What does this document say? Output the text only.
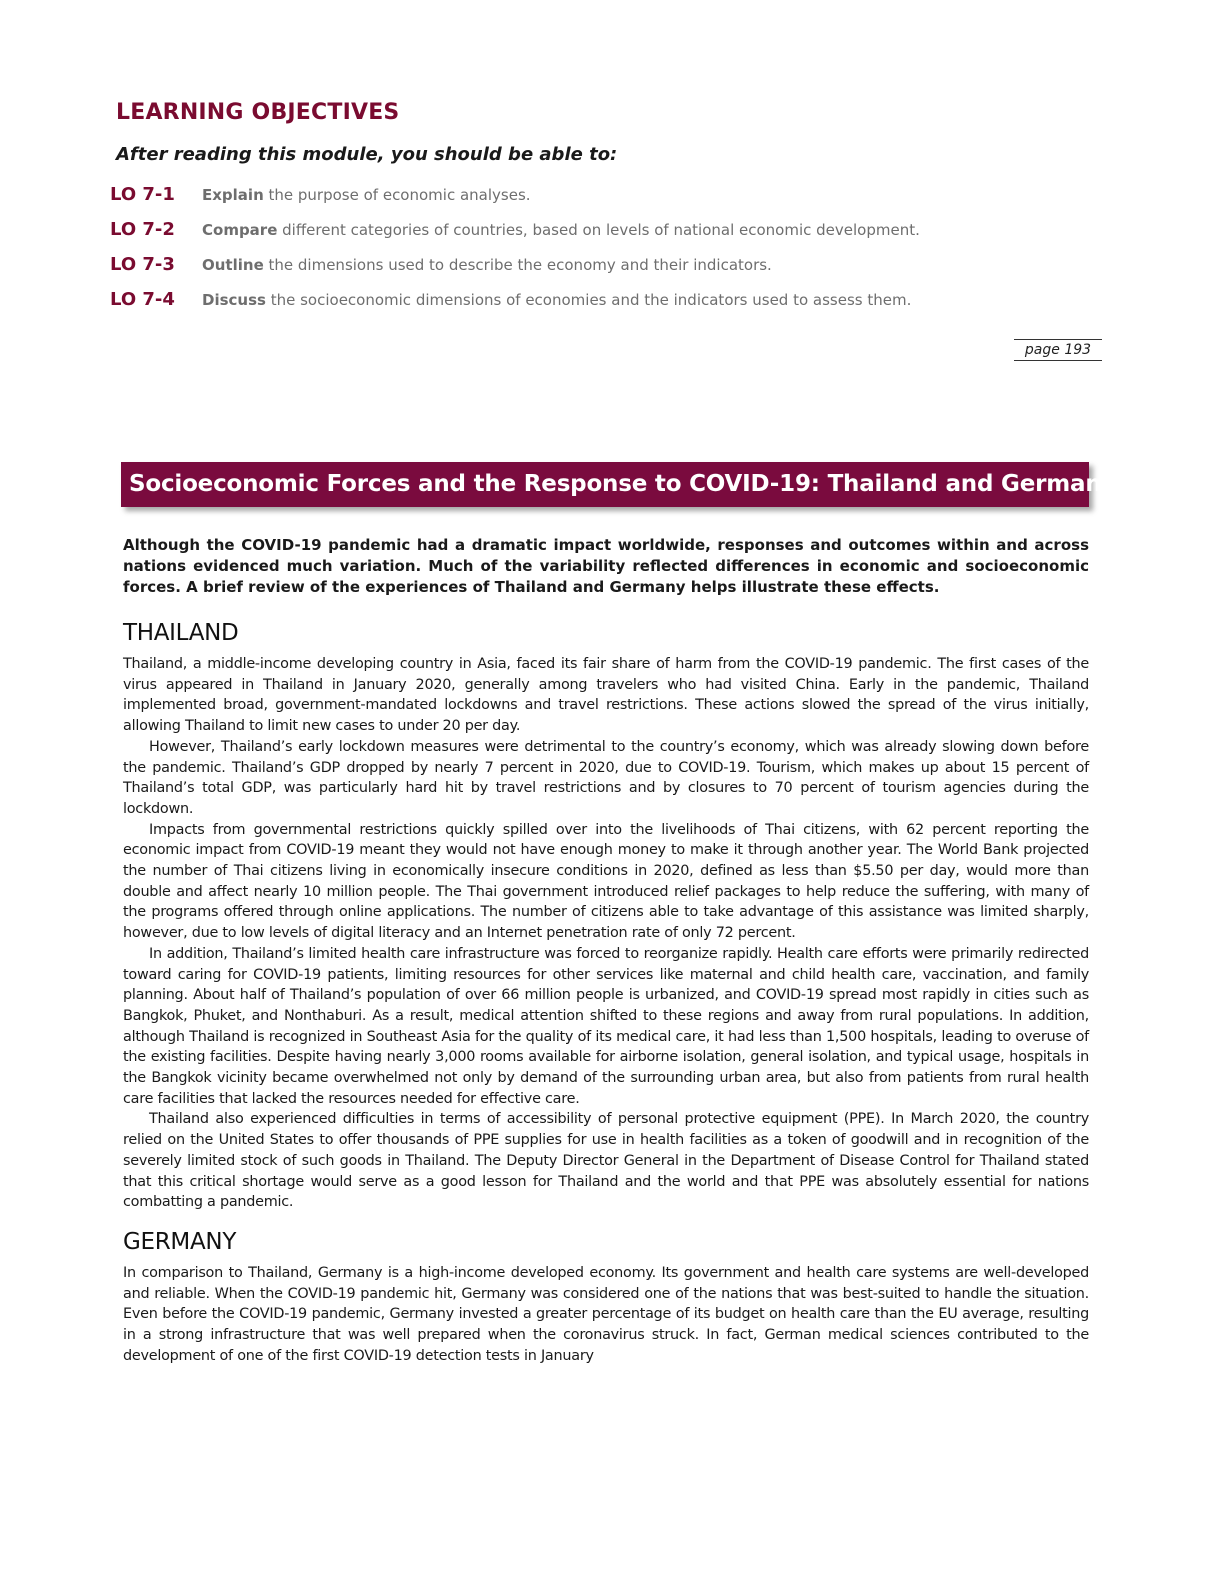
LEARNING OBJECTIVES

After reading this module, you should be able to:

LO 7-1	Explain the purpose of economic analyses.
LO 7-2	Compare different categories of countries, based on levels of national economic development.
LO 7-3	Outline the dimensions used to describe the economy and their indicators.
LO 7-4	Discuss the socioeconomic dimensions of economies and the indicators used to assess them.
page 193
Socioeconomic Forces and the Response to COVID-19: Thailand and Germany

Although the COVID-19 pandemic had a dramatic impact worldwide, responses and outcomes within and across nations evidenced much variation. Much of the variability reflected differences in economic and socioeconomic forces. A brief review of the experiences of Thailand and Germany helps illustrate these effects.

THAILAND

Thailand, a middle-income developing country in Asia, faced its fair share of harm from the COVID-19 pandemic. The first cases of the virus appeared in Thailand in January 2020, generally among travelers who had visited China. Early in the pandemic, Thailand implemented broad, government-mandated lockdowns and travel restrictions. These actions slowed the spread of the virus initially, allowing Thailand to limit new cases to under 20 per day.

However, Thailand’s early lockdown measures were detrimental to the country’s economy, which was already slowing down before the pandemic. Thailand’s GDP dropped by nearly 7 percent in 2020, due to COVID-19. Tourism, which makes up about 15 percent of Thailand’s total GDP, was particularly hard hit by travel restrictions and by closures to 70 percent of tourism agencies during the lockdown.

Impacts from governmental restrictions quickly spilled over into the livelihoods of Thai citizens, with 62 percent reporting the economic impact from COVID-19 meant they would not have enough money to make it through another year. The World Bank projected the number of Thai citizens living in economically insecure conditions in 2020, defined as less than $5.50 per day, would more than double and affect nearly 10 million people. The Thai government introduced relief packages to help reduce the suffering, with many of the programs offered through online applications. The number of citizens able to take advantage of this assistance was limited sharply, however, due to low levels of digital literacy and an Internet penetration rate of only 72 percent.

In addition, Thailand’s limited health care infrastructure was forced to reorganize rapidly. Health care efforts were primarily redirected toward caring for COVID-19 patients, limiting resources for other services like maternal and child health care, vaccination, and family planning. About half of Thailand’s population of over 66 million people is urbanized, and COVID-19 spread most rapidly in cities such as Bangkok, Phuket, and Nonthaburi. As a result, medical attention shifted to these regions and away from rural populations. In addition, although Thailand is recognized in Southeast Asia for the quality of its medical care, it had less than 1,500 hospitals, leading to overuse of the existing facilities. Despite having nearly 3,000 rooms available for airborne isolation, general isolation, and typical usage, hospitals in the Bangkok vicinity became overwhelmed not only by demand of the surrounding urban area, but also from patients from rural health care facilities that lacked the resources needed for effective care.

Thailand also experienced difficulties in terms of accessibility of personal protective equipment (PPE). In March 2020, the country relied on the United States to offer thousands of PPE supplies for use in health facilities as a token of goodwill and in recognition of the severely limited stock of such goods in Thailand. The Deputy Director General in the Department of Disease Control for Thailand stated that this critical shortage would serve as a good lesson for Thailand and the world and that PPE was absolutely essential for nations combatting a pandemic.

GERMANY

In comparison to Thailand, Germany is a high-income developed economy. Its government and health care systems are well-developed and reliable. When the COVID-19 pandemic hit, Germany was considered one of the nations that was best-suited to handle the situation. Even before the COVID-19 pandemic, Germany invested a greater percentage of its budget on health care than the EU average, resulting in a strong infrastructure that was well prepared when the coronavirus struck. In fact, German medical sciences contributed to the development of one of the first COVID-19 detection tests in January
